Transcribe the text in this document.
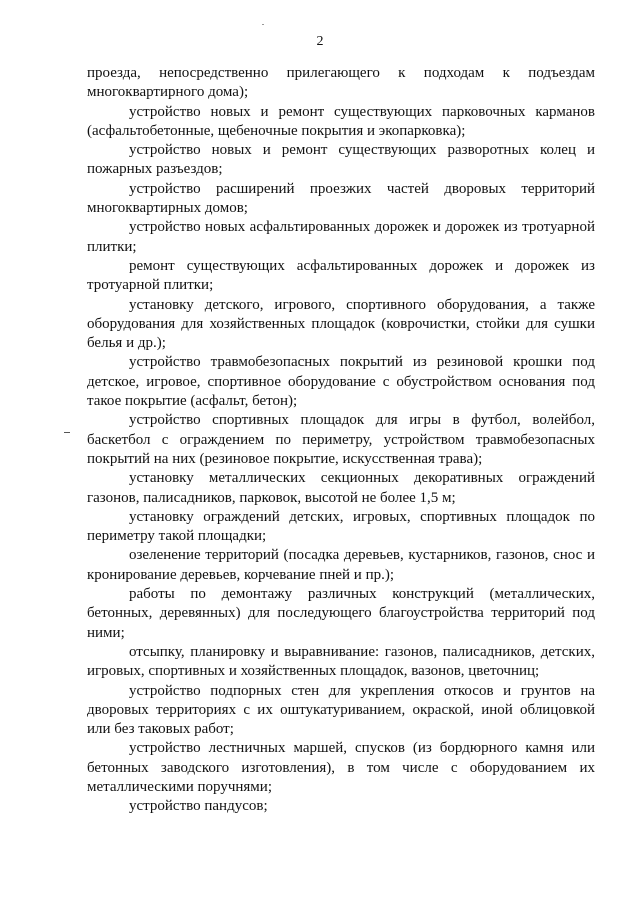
2

проезда, непосредственно прилегающего к подходам к подъездам многоквартирного дома);

устройство новых и ремонт существующих парковочных карманов (асфальтобетонные, щебеночные покрытия и экопарковка);

устройство новых и ремонт существующих разворотных колец и пожарных разъездов;

устройство расширений проезжих частей дворовых территорий многоквартирных домов;

устройство новых асфальтированных дорожек и дорожек из тротуарной плитки;

ремонт существующих асфальтированных дорожек и дорожек из тротуарной плитки;

установку детского, игрового, спортивного оборудования, а также оборудования для хозяйственных площадок (коврочистки, стойки для сушки белья и др.);

устройство травмобезопасных покрытий из резиновой крошки под детское, игровое, спортивное оборудование с обустройством основания под такое покрытие (асфальт, бетон);

устройство спортивных площадок для игры в футбол, волейбол, баскетбол с ограждением по периметру, устройством травмобезопасных покрытий на них (резиновое покрытие, искусственная трава);

установку металлических секционных декоративных ограждений газонов, палисадников, парковок, высотой не более 1,5 м;

установку ограждений детских, игровых, спортивных площадок по периметру такой площадки;

озеленение территорий (посадка деревьев, кустарников, газонов, снос и кронирование деревьев, корчевание пней и пр.);

работы по демонтажу различных конструкций (металлических, бетонных, деревянных) для последующего благоустройства территорий под ними;

отсыпку, планировку и выравнивание: газонов, палисадников, детских, игровых, спортивных и хозяйственных площадок, вазонов, цветочниц;

устройство подпорных стен для укрепления откосов и грунтов на дворовых территориях с их оштукатуриванием, окраской, иной облицовкой или без таковых работ;

устройство лестничных маршей, спусков (из бордюрного камня или бетонных заводского изготовления), в том числе с оборудованием их металлическими поручнями;

устройство пандусов;
